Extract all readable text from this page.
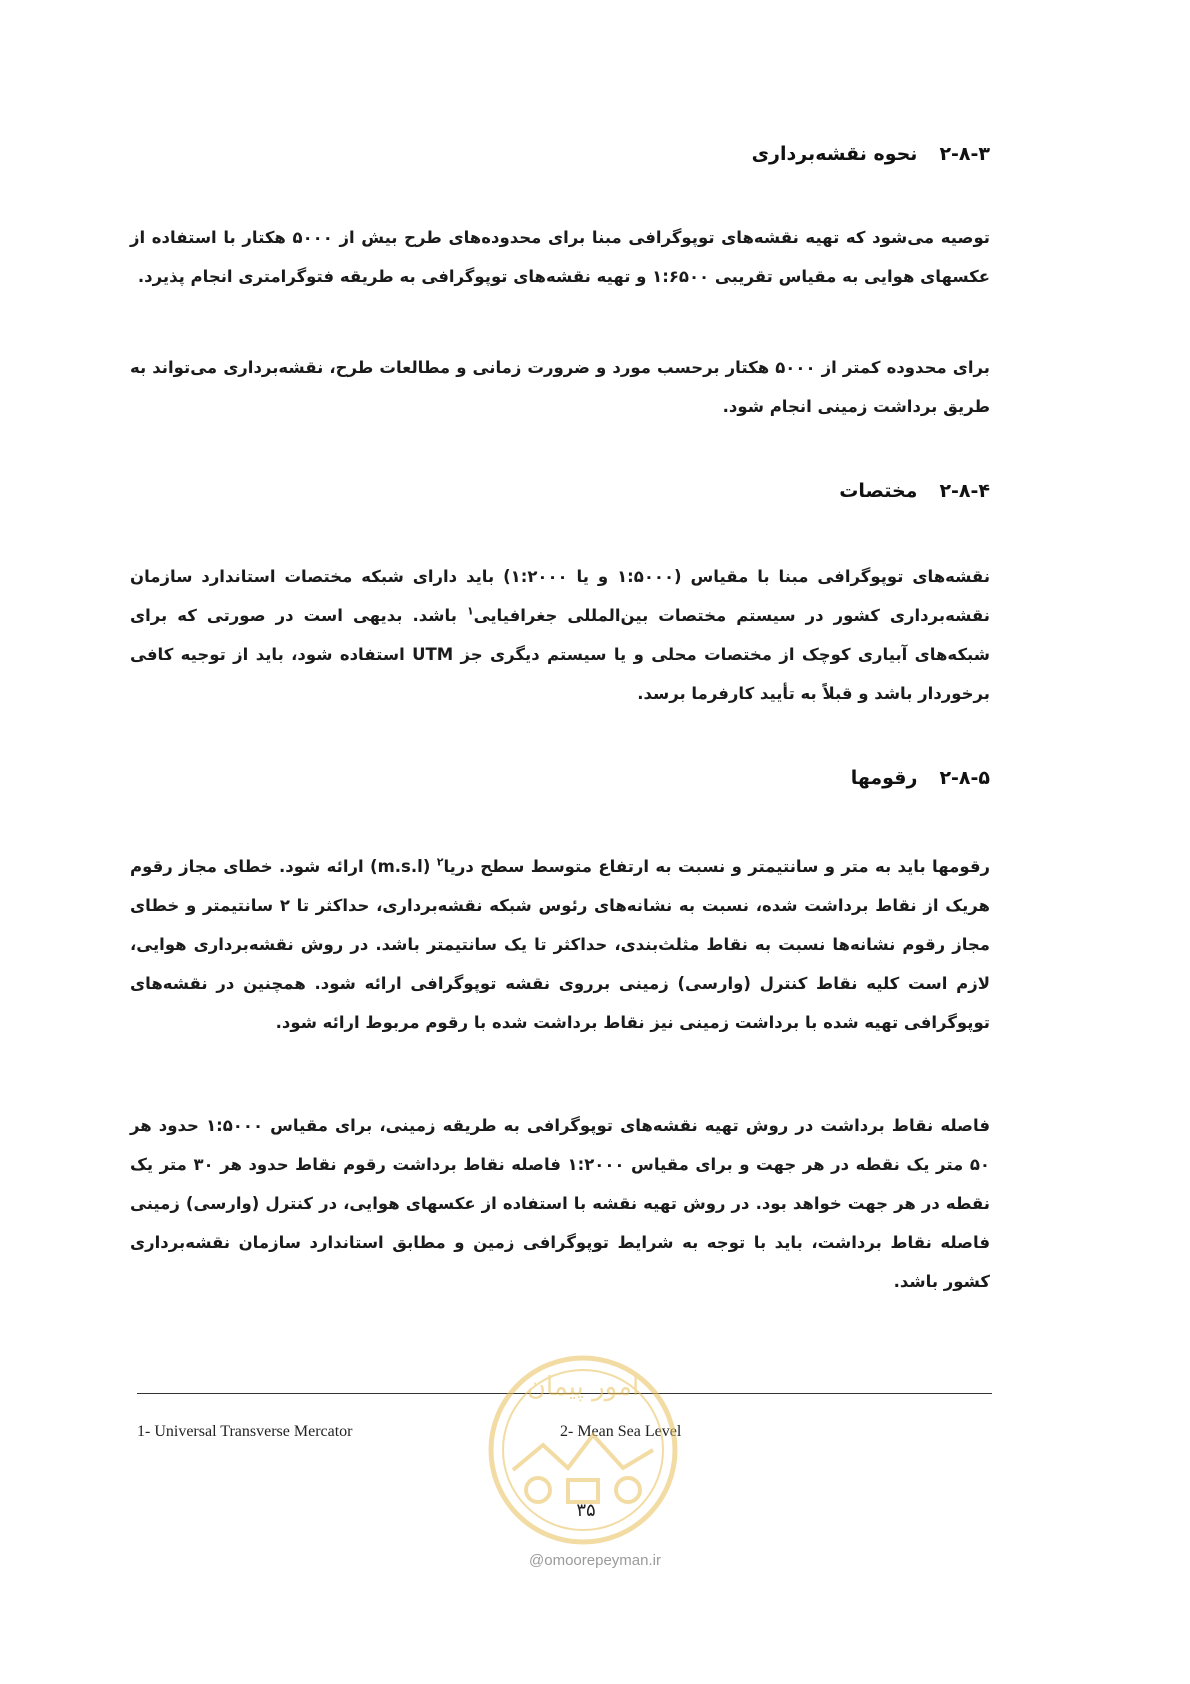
۲-۸-۳نحوه نقشه‌برداری
توصیه می‌شود که تهیه نقشه‌های توپوگرافی مبنا برای محدوده‌های طرح بیش از ۵۰۰۰ هکتار با استفاده از عکسهای هوایی به مقیاس تقریبی ۱:۶۵۰۰ و تهیه نقشه‌های توپوگرافی به طریقه فتوگرامتری انجام پذیرد.
برای محدوده کمتر از ۵۰۰۰ هکتار برحسب مورد و ضرورت زمانی و مطالعات طرح، نقشه‌برداری می‌تواند به طریق برداشت زمینی انجام شود.
۲-۸-۴مختصات
نقشه‌های توپوگرافی مبنا با مقیاس (۱:۵۰۰۰ و یا ۱:۲۰۰۰) باید دارای شبکه مختصات استاندارد سازمان نقشه‌برداری کشور در سیستم مختصات بین‌المللی جغرافیایی$^۱$ باشد. بدیهی است در صورتی که برای شبکه‌های آبیاری کوچک از مختصات محلی و یا سیستم دیگری جز UTM استفاده شود، باید از توجیه کافی برخوردار باشد و قبلاً به تأیید کارفرما برسد.
۲-۸-۵رقومها
رقومها باید به متر و سانتیمتر و نسبت به ارتفاع متوسط سطح دریا$^۲$ (m.s.l) ارائه شود. خطای مجاز رقوم هریک از نقاط برداشت شده، نسبت به نشانه‌های رئوس شبکه نقشه‌برداری، حداکثر تا ۲ سانتیمتر و خطای مجاز رقوم نشانه‌ها نسبت به نقاط مثلث‌بندی، حداکثر تا یک سانتیمتر باشد. در روش نقشه‌برداری هوایی، لازم است کلیه نقاط کنترل (وارسی) زمینی برروی نقشه توپوگرافی ارائه شود. همچنین در نقشه‌های توپوگرافی تهیه شده با برداشت زمینی نیز نقاط برداشت شده با رقوم مربوط ارائه شود.
فاصله نقاط برداشت در روش تهیه نقشه‌های توپوگرافی به طریقه زمینی، برای مقیاس ۱:۵۰۰۰ حدود هر ۵۰ متر یک نقطه در هر جهت و برای مقیاس ۱:۲۰۰۰ فاصله نقاط برداشت رقوم نقاط حدود هر ۳۰ متر یک نقطه در هر جهت خواهد بود. در روش تهیه نقشه با استفاده از عکسهای هوایی، در کنترل (وارسی) زمینی فاصله نقاط برداشت، باید با توجه به شرایط توپوگرافی زمین و مطابق استاندارد سازمان نقشه‌برداری کشور باشد.
1- Universal Transverse Mercator	2- Mean Sea Level
امور پیمان
۳۵
@omoorepeyman.ir
